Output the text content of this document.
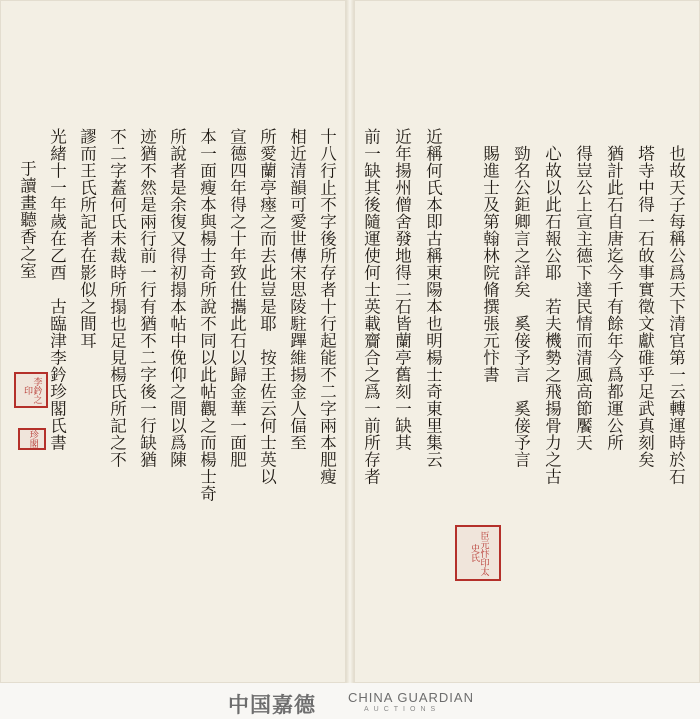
也故天子每稱公爲天下清官第一云轉運時於石
塔寺中得一石敀事實徵文獻碓乎足武真刻矣
猶計此石自唐迄今千有餘年今爲都運公所
得豈公上宣主德下達民情而清風高節饜天
心故以此石報公耶　若夫機勢之飛揚骨力之古
勁名公鉅卿言之詳矣　奚倿予言　奚倿予言
賜進士及第翰林院脩撰張元忭書
近稱何氏本即古稱東陽本也明楊士奇東里集云
近年揚州僧舍發地得二石皆蘭亭舊刻一缺其
前一缺其後隨運使何士英載齎合之爲一前所存者
臣元忭印太史氏
十八行止不字後所存者十行起能不二字兩本肥瘦
相近清韻可愛世傳宋思陵駐蹕維揚金人偪至
所愛蘭亭瘞之而去此豈是耶　按王佐云何士英以
宣德四年得之十年致仕攜此石以歸金華一面肥
本一面瘦本與楊士奇所說不同以此帖觀之而楊士奇
所說者是余復又得初搨本帖中俛仰之間以爲陳
迹猶不然是兩行前一行有猶不二字後一行缺猶
不二字蓋何氏未裁時所搨也足見楊氏所記之不
謬而王氏所記者在影似之間耳
光緒十一年歲在乙酉　古臨津李鈐珍閣氏書
于讀畫聽香之室
李鈐之印
珍閣
中国嘉德 CHINA GUARDIAN
AUCTIONS
